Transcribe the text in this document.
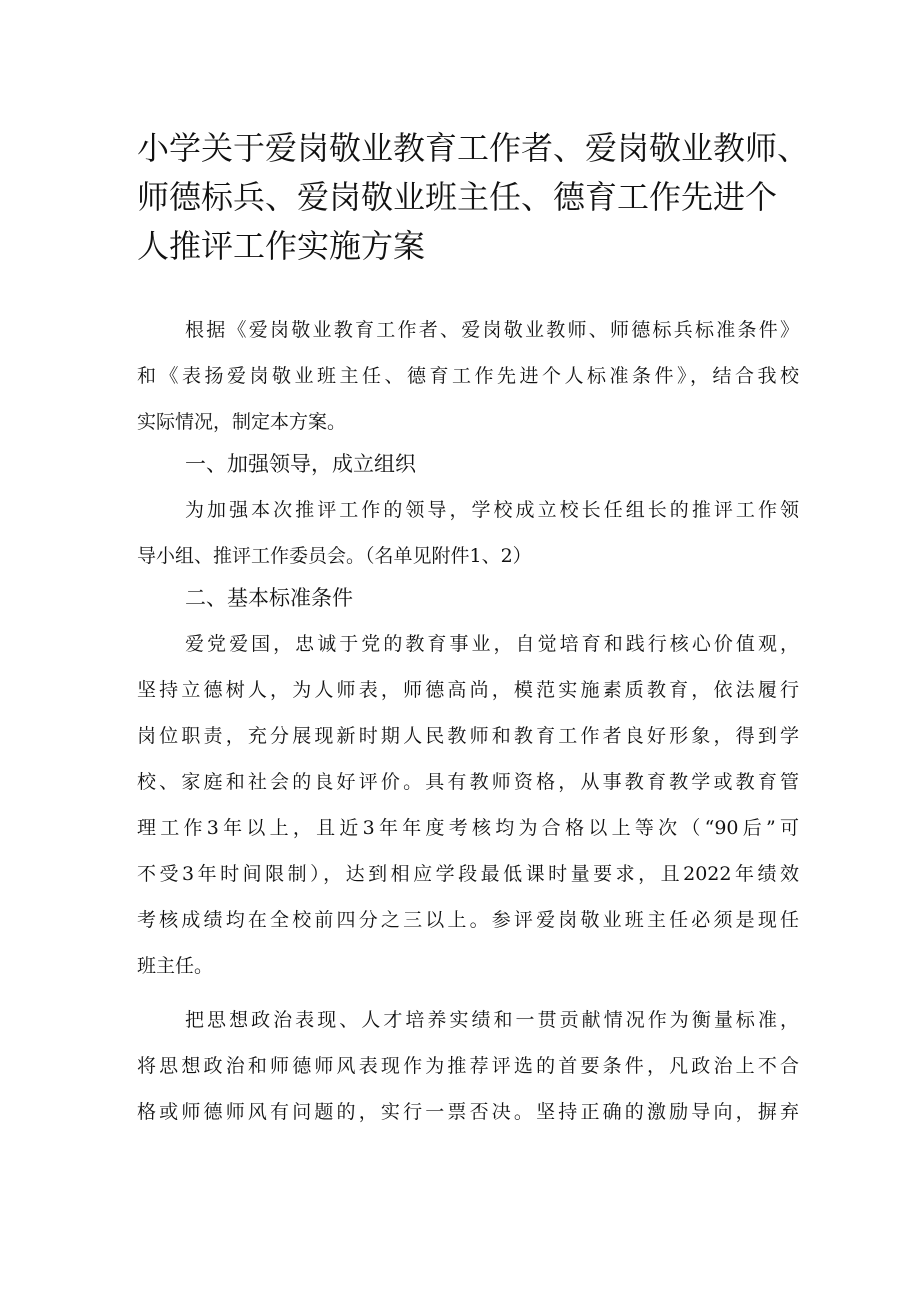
小学关于爱岗敬业教育工作者、爱岗敬业教师、
师德标兵、爱岗敬业班主任、德育工作先进个
人推评工作实施方案
根据《爱岗敬业教育工作者、爱岗敬业教师、师德标兵标准条件》
和《表扬爱岗敬业班主任、德育工作先进个人标准条件》，结合我校
实际情况，制定本方案。
一、加强领导，成立组织
为加强本次推评工作的领导，学校成立校长任组长的推评工作领
导小组、推评工作委员会。（名单见附件1、2）
二、基本标准条件
爱党爱国，忠诚于党的教育事业，自觉培育和践行核心价值观，
坚持立德树人，为人师表，师德高尚，模范实施素质教育，依法履行
岗位职责，充分展现新时期人民教师和教育工作者良好形象，得到学
校、家庭和社会的良好评价。具有教师资格，从事教育教学或教育管
理工作3年以上，且近3年年度考核均为合格以上等次（“90后”可
不受3年时间限制），达到相应学段最低课时量要求，且2022年绩效
考核成绩均在全校前四分之三以上。参评爱岗敬业班主任必须是现任
班主任。
把思想政治表现、人才培养实绩和一贯贡献情况作为衡量标准，
将思想政治和师德师风表现作为推荐评选的首要条件，凡政治上不合
格或师德师风有问题的，实行一票否决。坚持正确的激励导向，摒弃
